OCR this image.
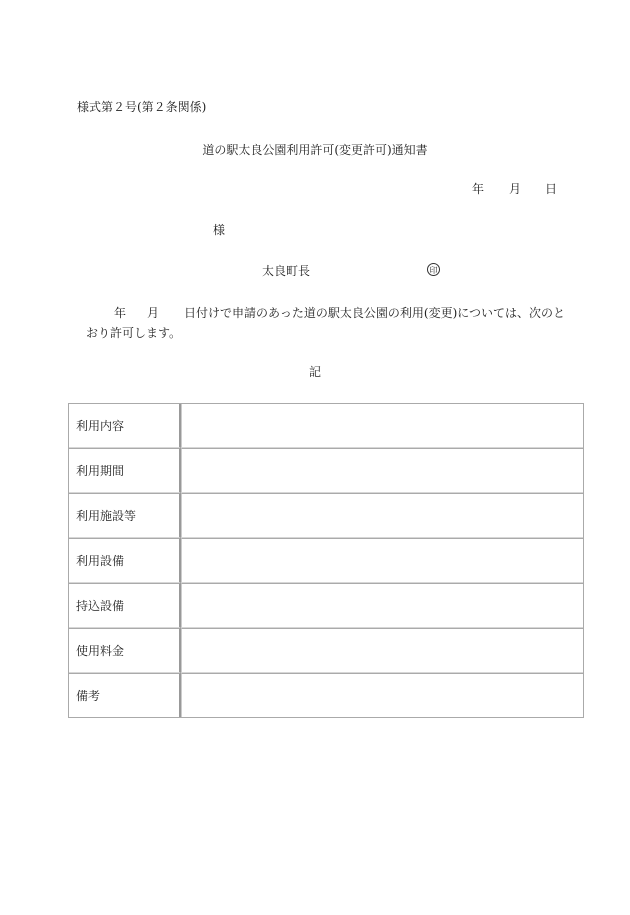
様式第２号(第２条関係)
道の駅太良公園利用許可(変更許可)通知書
年 月 日
様
太良町長	印
年 月 日付けで申請のあった道の駅太良公園の利用(変更)については、次のと
おり許可します。
記
利用内容	
利用期間	
利用施設等	
利用設備	
持込設備	
使用料金	
備考	
